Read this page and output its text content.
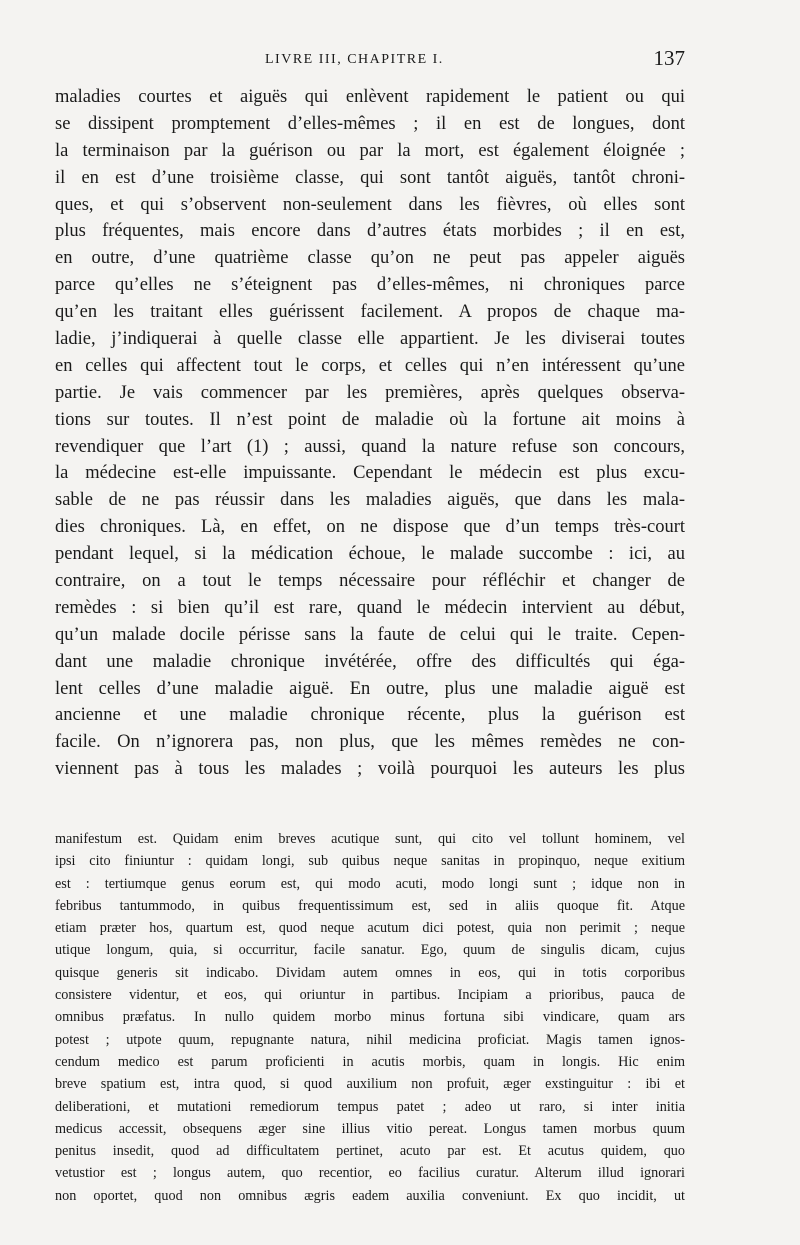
LIVRE III, CHAPITRE I.	137
maladies courtes et aiguës qui enlèvent rapidement le patient ou qui
se dissipent promptement d’elles-mêmes ; il en est de longues, dont
la terminaison par la guérison ou par la mort, est également éloignée ;
il en est d’une troisième classe, qui sont tantôt aiguës, tantôt chroni-
ques, et qui s’observent non-seulement dans les fièvres, où elles sont
plus fréquentes, mais encore dans d’autres états morbides ; il en est,
en outre, d’une quatrième classe qu’on ne peut pas appeler aiguës
parce qu’elles ne s’éteignent pas d’elles-mêmes, ni chroniques parce
qu’en les traitant elles guérissent facilement. A propos de chaque ma-
ladie, j’indiquerai à quelle classe elle appartient. Je les diviserai toutes
en celles qui affectent tout le corps, et celles qui n’en intéressent qu’une
partie. Je vais commencer par les premières, après quelques observa-
tions sur toutes. Il n’est point de maladie où la fortune ait moins à
revendiquer que l’art (1) ; aussi, quand la nature refuse son concours,
la médecine est-elle impuissante. Cependant le médecin est plus excu-
sable de ne pas réussir dans les maladies aiguës, que dans les mala-
dies chroniques. Là, en effet, on ne dispose que d’un temps très-court
pendant lequel, si la médication échoue, le malade succombe : ici, au
contraire, on a tout le temps nécessaire pour réfléchir et changer de
remèdes : si bien qu’il est rare, quand le médecin intervient au début,
qu’un malade docile périsse sans la faute de celui qui le traite. Cepen-
dant une maladie chronique invétérée, offre des difficultés qui éga-
lent celles d’une maladie aiguë. En outre, plus une maladie aiguë est
ancienne et une maladie chronique récente, plus la guérison est
facile. On n’ignorera pas, non plus, que les mêmes remèdes ne con-
viennent pas à tous les malades ; voilà pourquoi les auteurs les plus
manifestum est. Quidam enim breves acutique sunt, qui cito vel tollunt hominem, vel
ipsi cito finiuntur : quidam longi, sub quibus neque sanitas in propinquo, neque exitium
est : tertiumque genus eorum est, qui modo acuti, modo longi sunt ; idque non in
febribus tantummodo, in quibus frequentissimum est, sed in aliis quoque fit. Atque
etiam præter hos, quartum est, quod neque acutum dici potest, quia non perimit ; neque
utique longum, quia, si occurritur, facile sanatur. Ego, quum de singulis dicam, cujus
quisque generis sit indicabo. Dividam autem omnes in eos, qui in totis corporibus
consistere videntur, et eos, qui oriuntur in partibus. Incipiam a prioribus, pauca de
omnibus præfatus. In nullo quidem morbo minus fortuna sibi vindicare, quam ars
potest ; utpote quum, repugnante natura, nihil medicina proficiat. Magis tamen ignos-
cendum medico est parum proficienti in acutis morbis, quam in longis. Hic enim
breve spatium est, intra quod, si quod auxilium non profuit, æger exstinguitur : ibi et
deliberationi, et mutationi remediorum tempus patet ; adeo ut raro, si inter initia
medicus accessit, obsequens æger sine illius vitio pereat. Longus tamen morbus quum
penitus insedit, quod ad difficultatem pertinet, acuto par est. Et acutus quidem, quo
vetustior est ; longus autem, quo recentior, eo facilius curatur. Alterum illud ignorari
non oportet, quod non omnibus ægris eadem auxilia conveniunt. Ex quo incidit, ut
